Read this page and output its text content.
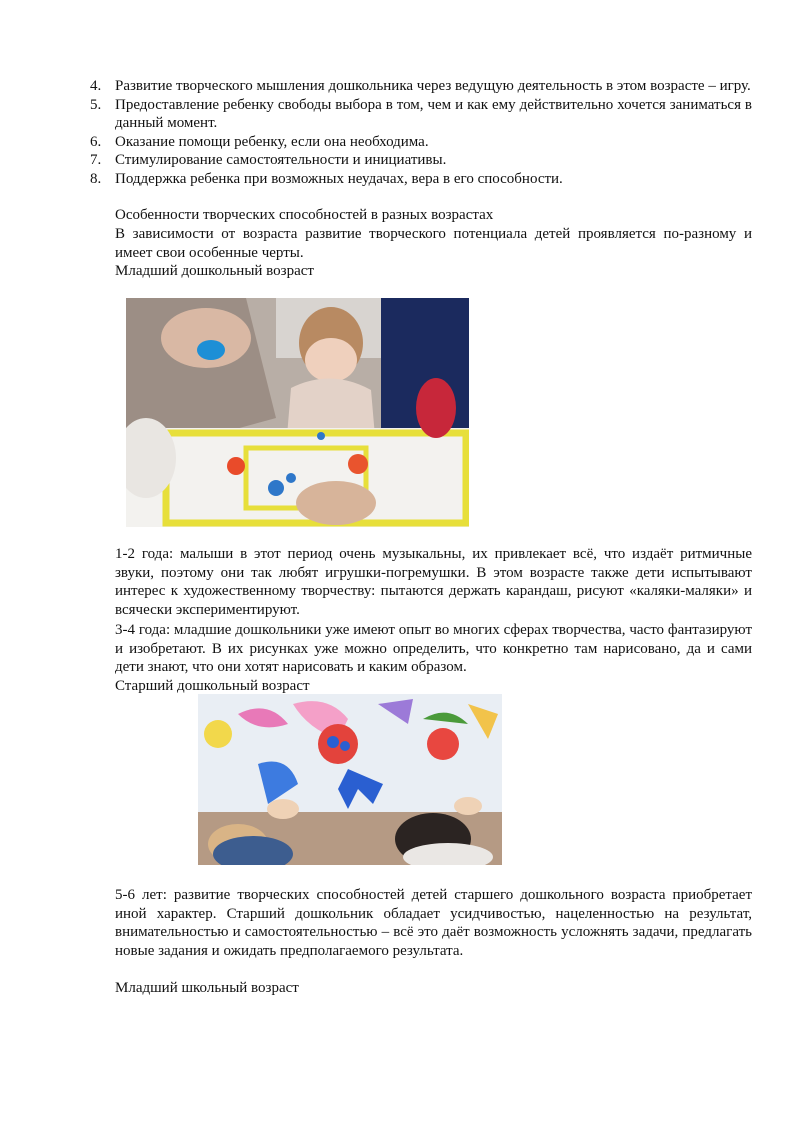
4. Развитие творческого мышления дошкольника через ведущую деятельность в этом возрасте – игру.
5. Предоставление ребенку свободы выбора в том, чем и как ему действительно хочется заниматься в данный момент.
6. Оказание помощи ребенку, если она необходима.
7. Стимулирование самостоятельности и инициативы.
8. Поддержка ребенка при возможных неудачах, вера в его способности.

Особенности творческих способностей в разных возрастах

В зависимости от возраста развитие творческого потенциала детей проявляется по-разному и имеет свои особенные черты.

Младший дошкольный возраст

1-2 года: малыши в этот период очень музыкальны, их привлекает всё, что издаёт ритмичные звуки, поэтому они так любят игрушки-погремушки. В этом возрасте также дети испытывают интерес к художественному творчеству: пытаются держать карандаш, рисуют «каляки-маляки» и всячески экспериментируют.

3-4 года: младшие дошкольники уже имеют опыт во многих сферах творчества, часто фантазируют и изобретают. В их рисунках уже можно определить, что конкретно там нарисовано, да и сами дети знают, что они хотят нарисовать и каким образом.

Старший дошкольный возраст

5-6 лет: развитие творческих способностей детей старшего дошкольного возраста приобретает иной характер. Старший дошкольник обладает усидчивостью, нацеленностью на результат, внимательностью и самостоятельностью – всё это даёт возможность усложнять задачи, предлагать новые задания и ожидать предполагаемого результата.

Младший школьный возраст
